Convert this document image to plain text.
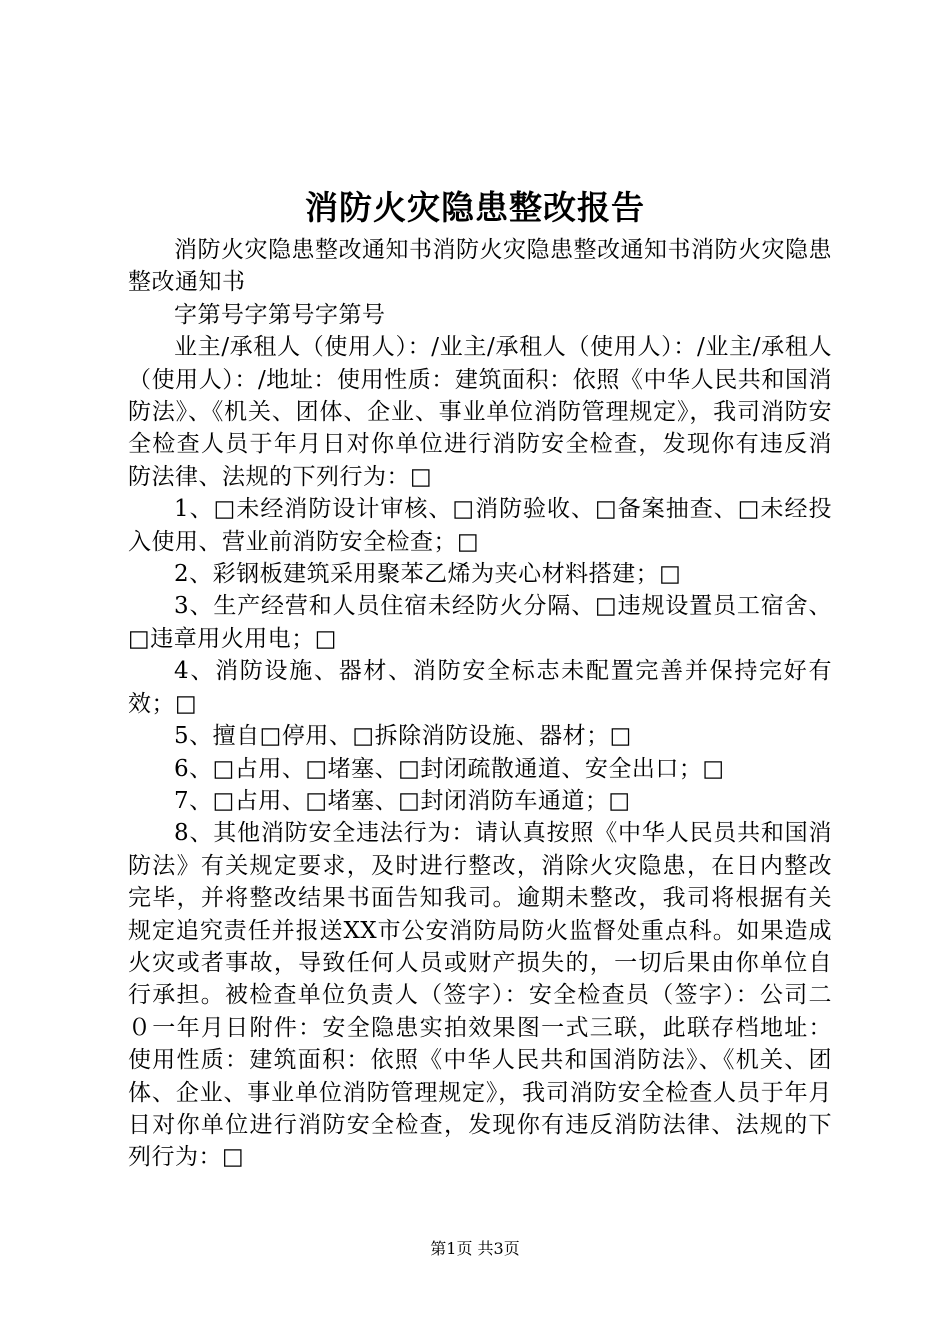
消防火灾隐患整改报告

消防火灾隐患整改通知书消防火灾隐患整改通知书消防火灾隐患整改通知书

字第号字第号字第号

业主/承租人（使用人）：/业主/承租人（使用人）：/业主/承租人（使用人）：/地址：使用性质：建筑面积：依照《中华人民共和国消防法》、《机关、团体、企业、事业单位消防管理规定》，我司消防安全检查人员于年月日对你单位进行消防安全检查，发现你有违反消防法律、法规的下列行为：□

1、□未经消防设计审核、□消防验收、□备案抽查、□未经投入使用、营业前消防安全检查；□

2、彩钢板建筑采用聚苯乙烯为夹心材料搭建；□

3、生产经营和人员住宿未经防火分隔、□违规设置员工宿舍、□违章用火用电；□

4、消防设施、器材、消防安全标志未配置完善并保持完好有效；□

5、擅自□停用、□拆除消防设施、器材；□

6、□占用、□堵塞、□封闭疏散通道、安全出口；□

7、□占用、□堵塞、□封闭消防车通道；□

8、其他消防安全违法行为：请认真按照《中华人民员共和国消防法》有关规定要求，及时进行整改，消除火灾隐患，在日内整改完毕，并将整改结果书面告知我司。逾期未整改，我司将根据有关规定追究责任并报送XX市公安消防局防火监督处重点科。如果造成火灾或者事故，导致任何人员或财产损失的，一切后果由你单位自行承担。被检查单位负责人（签字）：安全检查员（签字）：公司二０一年月日附件：安全隐患实拍效果图一式三联，此联存档地址：使用性质：建筑面积：依照《中华人民共和国消防法》、《机关、团体、企业、事业单位消防管理规定》，我司消防安全检查人员于年月日对你单位进行消防安全检查，发现你有违反消防法律、法规的下列行为：□

第1页 共3页
